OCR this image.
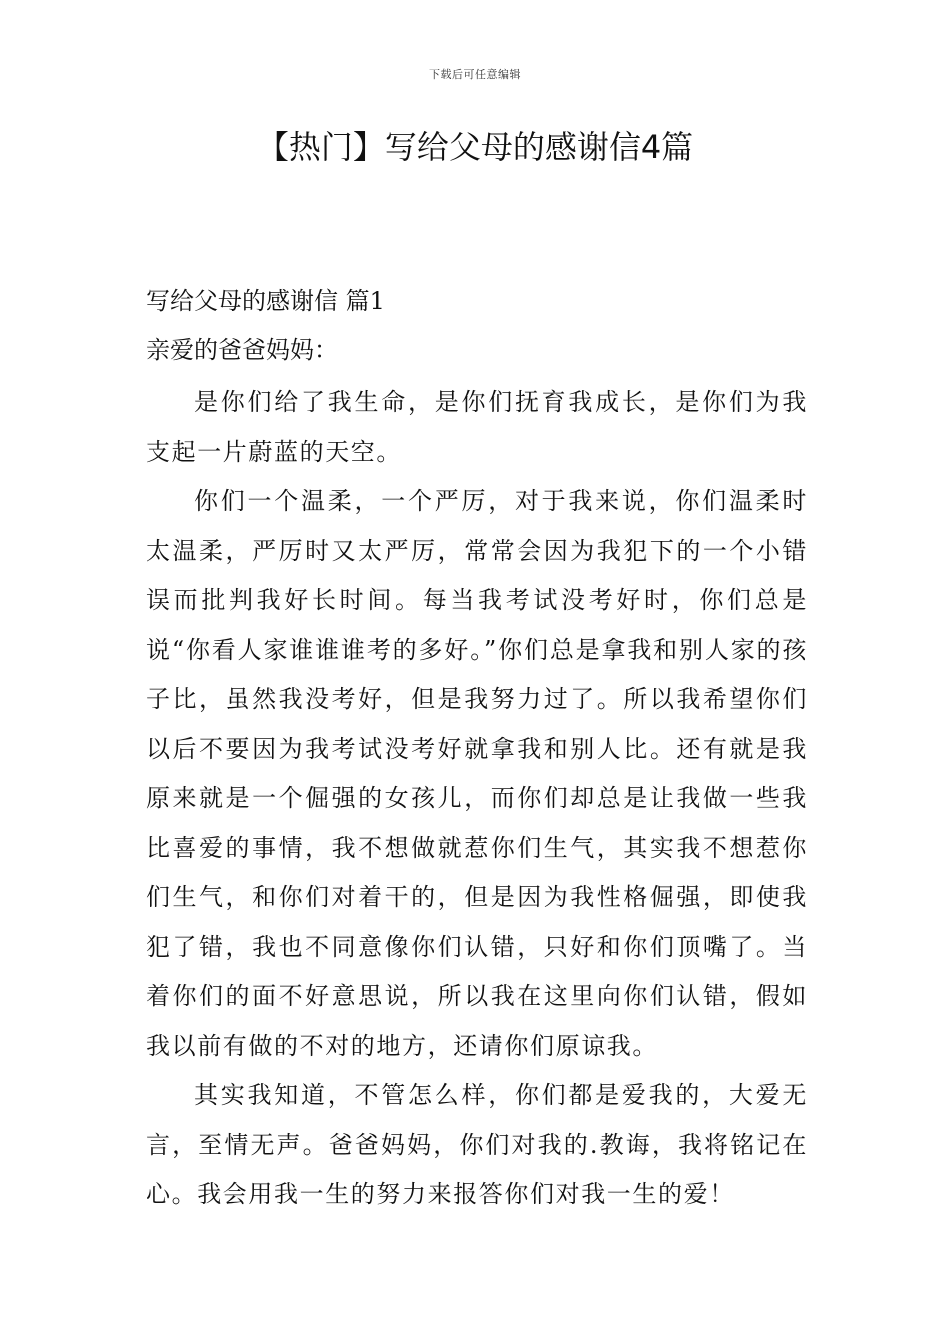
下载后可任意编辑
【热门】写给父母的感谢信4篇
写给父母的感谢信 篇1

亲爱的爸爸妈妈：

是你们给了我生命，是你们抚育我成长，是你们为我支起一片蔚蓝的天空。

你们一个温柔，一个严厉，对于我来说，你们温柔时太温柔，严厉时又太严厉，常常会因为我犯下的一个小错误而批判我好长时间。每当我考试没考好时，你们总是说“你看人家谁谁谁考的多好。”你们总是拿我和别人家的孩子比，虽然我没考好，但是我努力过了。所以我希望你们以后不要因为我考试没考好就拿我和别人比。还有就是我原来就是一个倔强的女孩儿，而你们却总是让我做一些我比喜爱的事情，我不想做就惹你们生气，其实我不想惹你们生气，和你们对着干的，但是因为我性格倔强，即使我犯了错，我也不同意像你们认错，只好和你们顶嘴了。当着你们的面不好意思说，所以我在这里向你们认错，假如我以前有做的不对的地方，还请你们原谅我。

其实我知道，不管怎么样，你们都是爱我的，大爱无言，至情无声。爸爸妈妈，你们对我的.教诲，我将铭记在心。我会用我一生的努力来报答你们对我一生的爱！
